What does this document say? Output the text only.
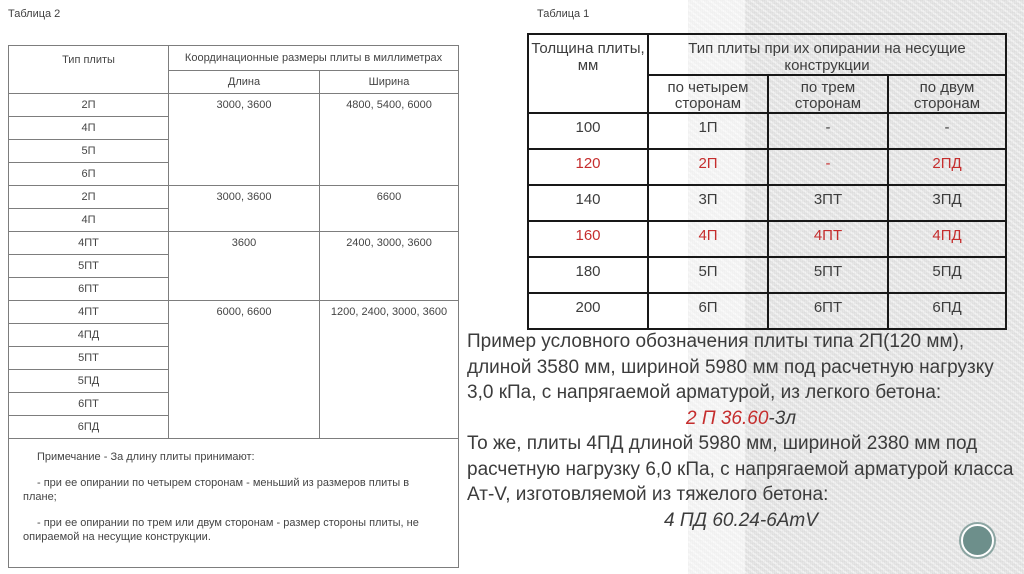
Таблица 2
Тип плиты	Координационные размеры плиты в миллиметрах	
	Длина	Ширина
2П	3000, 3600	4800, 5400, 6000
4П		
5П		
6П		
2П	3000, 3600	6600
4П		
4ПТ	3600	2400, 3000, 3600
5ПТ		
6ПТ		
4ПТ	6000, 6600	1200, 2400, 3000, 3600
4ПД		
5ПТ		
5ПД		
6ПТ		
6ПД		

Примечание - За длину плиты принимают:

- при ее опирании по четырем сторонам - меньший из размеров плиты в плане;

- при ее опирании по трем или двум сторонам - размер стороны плиты, не опираемой на несущие конструкции.		

Таблица 1
Толщина плиты, мм	Тип плиты при их опирании на несущие конструкции		
	по четырем сторонам	по трем сторонам	по двум сторонам
100	1П	-	-
120	2П	-	2ПД
140	3П	3ПТ	3ПД
160	4П	4ПТ	4ПД
180	5П	5ПТ	5ПД
200	6П	6ПТ	6ПД

Пример условного обозначения плиты типа 2П(120 мм), длиной 3580 мм, шириной 5980 мм под расчетную нагрузку 3,0 кПа, с напрягаемой арматурой, из легкого бетона:

2 П 36.60-3л

То же, плиты 4ПД длиной 5980 мм, шириной 2380 мм под расчетную нагрузку 6,0 кПа, с напрягаемой арматурой класса Ат-V, изготовляемой из тяжелого бетона:

4 ПД 60.24-6АтV
